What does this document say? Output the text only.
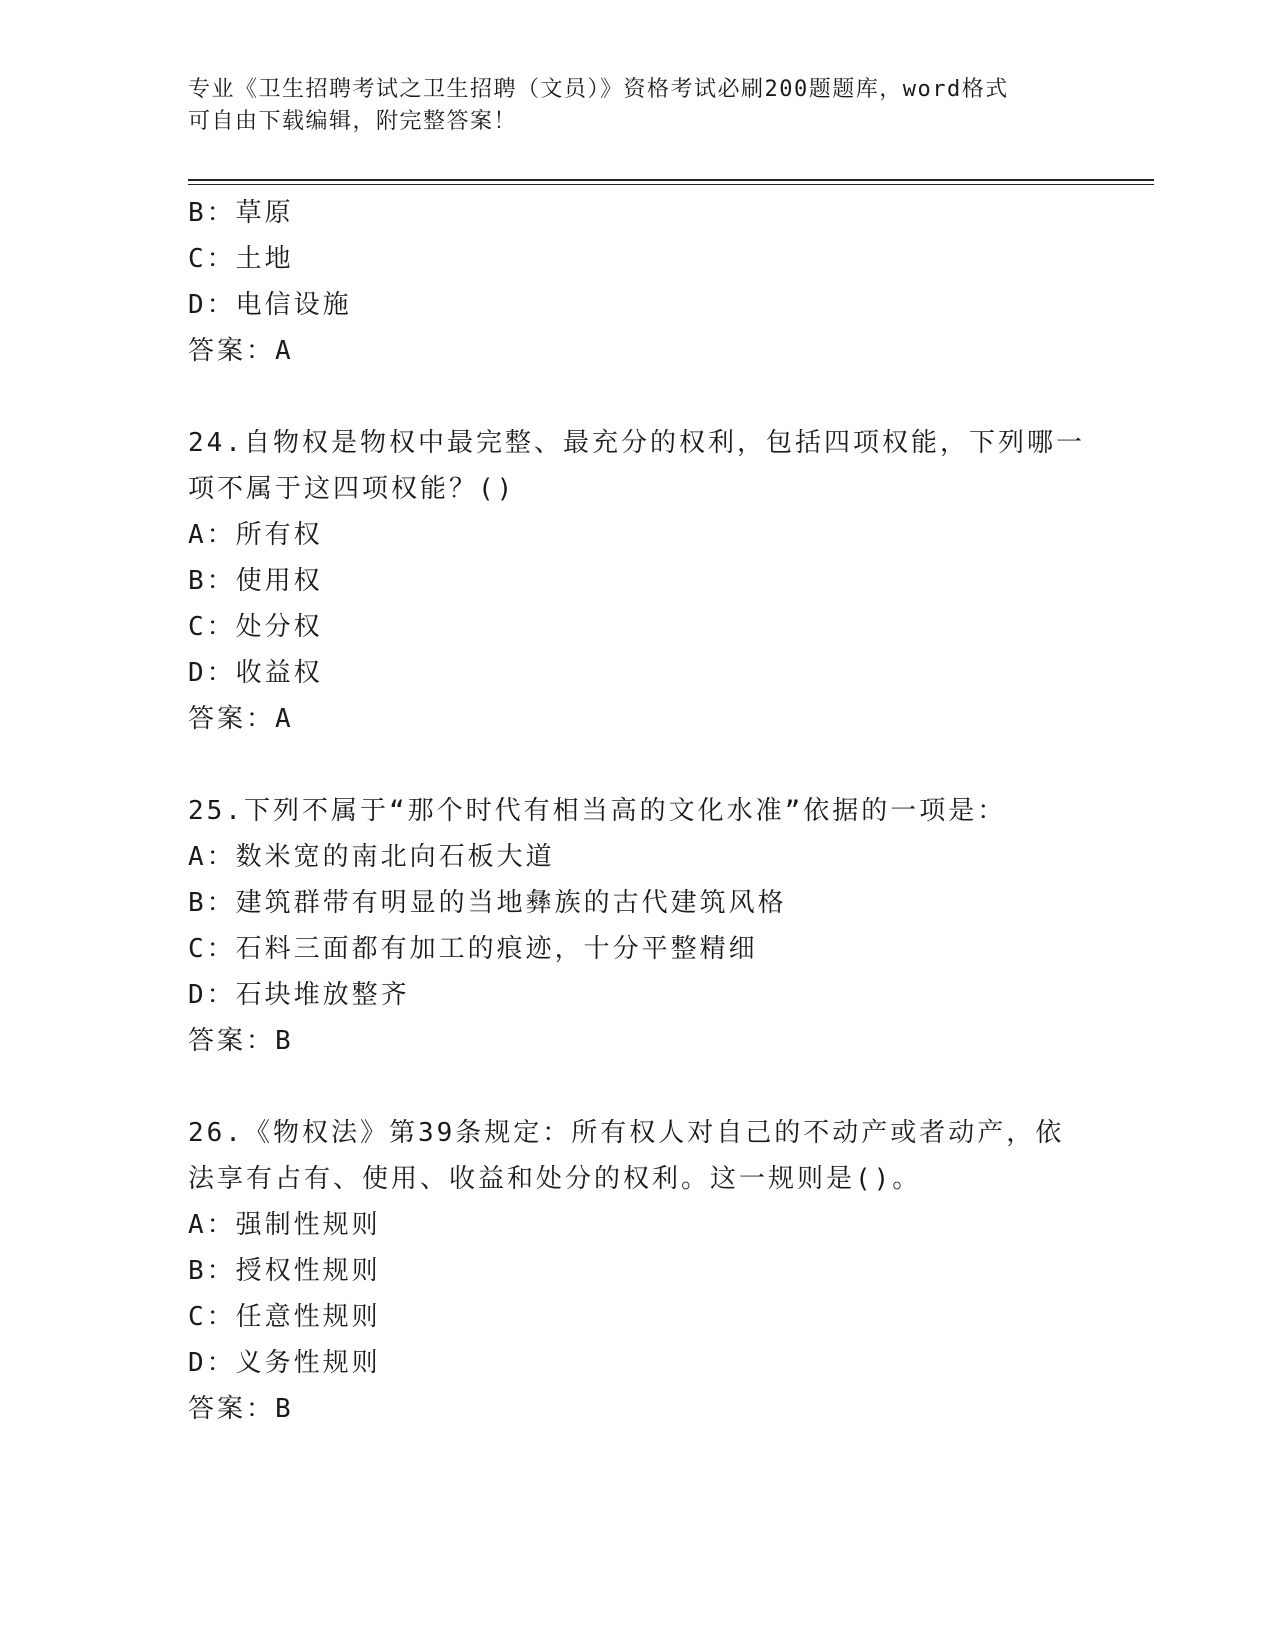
专业《卫生招聘考试之卫生招聘（文员）》资格考试必刷200题题库，word格式
可自由下载编辑，附完整答案！
B：草原
C：土地
D：电信设施
答案：A
24.自物权是物权中最完整、最充分的权利，包括四项权能，下列哪一
项不属于这四项权能？()
A：所有权
B：使用权
C：处分权
D：收益权
答案：A
25.下列不属于“那个时代有相当高的文化水准”依据的一项是：
A：数米宽的南北向石板大道
B：建筑群带有明显的当地彝族的古代建筑风格
C：石料三面都有加工的痕迹，十分平整精细
D：石块堆放整齐
答案：B
26.《物权法》第39条规定：所有权人对自己的不动产或者动产，依
法享有占有、使用、收益和处分的权利。这一规则是()。
A：强制性规则
B：授权性规则
C：任意性规则
D：义务性规则
答案：B
